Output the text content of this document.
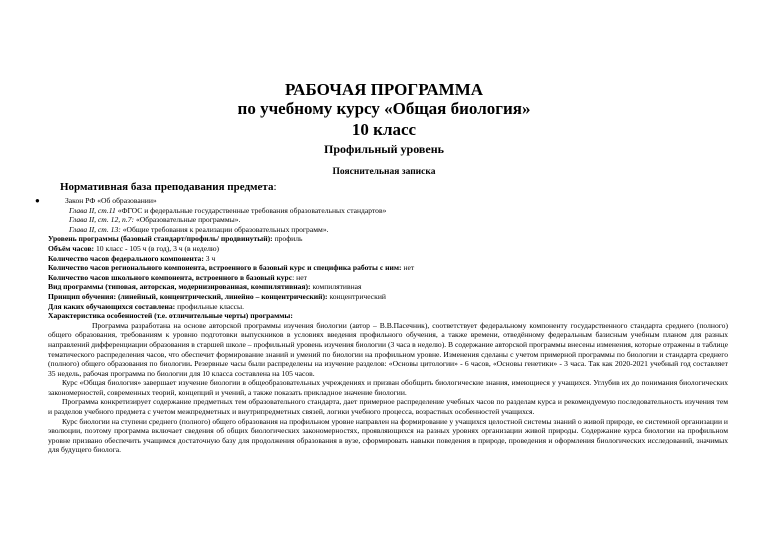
РАБОЧАЯ ПРОГРАММА
по учебному курсу «Общая биология»
10 класс
Профильный уровень
Пояснительная записка
Нормативная база преподавания предмета:
●	Закон РФ «Об образовании»
Глава II, ст.11 «ФГОС и федеральные государственные требования образовательных стандартов»
Глава II, ст. 12, п.7: «Образовательные программы».
Глава II, ст. 13: «Общие требования к реализации образовательных программ».
Уровень программы (базовый стандарт/профиль/ продвинутый): профиль
Объём часов: 10 класс - 105 ч (в год), 3 ч (в неделю)
Количество часов федерального компонента: 3 ч
Количество часов регионального компонента, встроенного в базовый курс и специфика работы с ним: нет
Количество часов школьного компонента, встроенного в базовый курс: нет
Вид программы (типовая, авторская, модернизированная, компилятивная): компилятивная
Принцип обучения: (линейный, концентрический, линейно – концентрический): концентрический
Для каких обучающихся составлена: профильные классы.
Характеристика особенностей (т.е. отличительные черты) программы:
Программа разработана на основе авторской программы изучения биологии (автор – В.В.Пасечник), соответствует федеральному компоненту государственного стандарта среднего (полного) общего образования, требованиям к уровню подготовки выпускников в условиях введения профильного обучения, а также времени, отведённому федеральным базисным учебным планом для разных направлений дифференциации образования в старшей школе – профильный уровень изучения биологии (3 часа в неделю). В содержание авторской программы внесены изменения, которые отражены в таблице тематического распределения часов, что обеспечит формирование знаний и умений по биологии на профильном уровне. Изменения сделаны с учетом примерной программы по биологии и стандарта среднего (полного) общего образования по биологии. Резервные часы были распределены на изучение разделов: «Основы цитологии» - 6 часов, «Основы генетики» - 3 часа. Так как 2020-2021 учебный год составляет 35 недель, рабочая программа по биологии для 10 класса составлена на 105 часов.
Курс «Общая биология» завершает изучение биологии в общеобразовательных учреждениях и призван обобщить биологические знания, имеющиеся у учащихся. Углубив их до понимания биологических закономерностей, современных теорий, концепций и учений, а также показать прикладное значение биологии.
Программа конкретизирует содержание предметных тем образовательного стандарта, дает примерное распределение учебных часов по разделам курса и рекомендуемую последовательность изучения тем и разделов учебного предмета с учетом межпредметных и внутрипредметных связей, логики учебного процесса, возрастных особенностей учащихся.
Курс биологии на ступени среднего (полного) общего образования на профильном уровне направлен на формирование у учащихся целостной системы знаний о живой природе, ее системной организации и эволюции, поэтому программа включает сведения об общих биологических закономерностях, проявляющихся на разных уровнях организации живой природы. Содержание курса биологии на профильном уровне призвано обеспечить учащимся достаточную базу для продолжения образования в вузе, сформировать навыки поведения в природе, проведения и оформления биологических исследований, значимых для будущего биолога.
